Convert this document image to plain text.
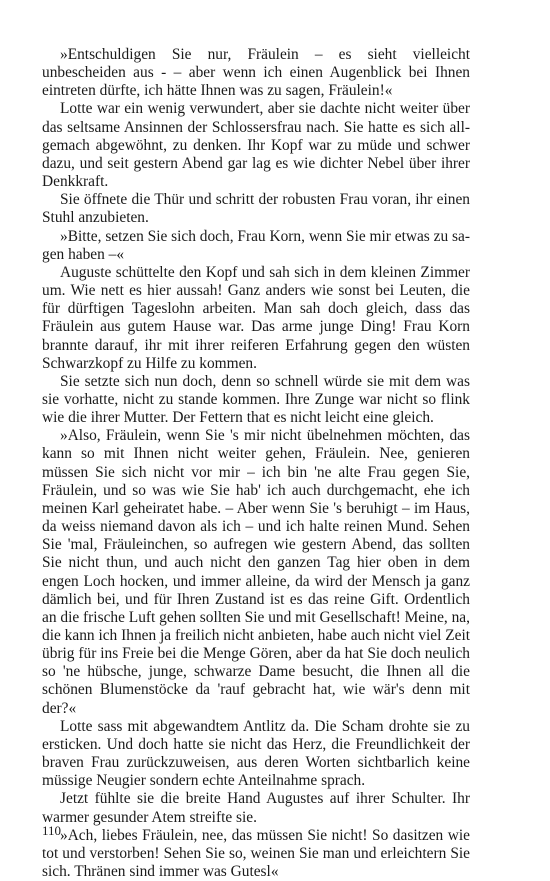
»Entschuldigen Sie nur, Fräulein – es sieht vielleicht unbescheiden aus - – aber wenn ich einen Augenblick bei Ihnen eintreten dürfte, ich hätte Ihnen was zu sagen, Fräulein!«

Lotte war ein wenig verwundert, aber sie dachte nicht weiter über das seltsame Ansinnen der Schlossersfrau nach. Sie hatte es sich allgemach abgewöhnt, zu denken. Ihr Kopf war zu müde und schwer dazu, und seit gestern Abend gar lag es wie dichter Nebel über ihrer Denkkraft.

Sie öffnete die Thür und schritt der robusten Frau voran, ihr einen Stuhl anzubieten.

»Bitte, setzen Sie sich doch, Frau Korn, wenn Sie mir etwas zu sagen haben –«

Auguste schüttelte den Kopf und sah sich in dem kleinen Zimmer um. Wie nett es hier aussah! Ganz anders wie sonst bei Leuten, die für dürftigen Tageslohn arbeiten. Man sah doch gleich, dass das Fräulein aus gutem Hause war. Das arme junge Ding! Frau Korn brannte darauf, ihr mit ihrer reiferen Erfahrung gegen den wüsten Schwarzkopf zu Hilfe zu kommen.

Sie setzte sich nun doch, denn so schnell würde sie mit dem was sie vorhatte, nicht zu stande kommen. Ihre Zunge war nicht so flink wie die ihrer Mutter. Der Fettern that es nicht leicht eine gleich.

»Also, Fräulein, wenn Sie 's mir nicht übelnehmen möchten, das kann so mit Ihnen nicht weiter gehen, Fräulein. Nee, genieren müssen Sie sich nicht vor mir – ich bin 'ne alte Frau gegen Sie, Fräulein, und so was wie Sie hab' ich auch durchgemacht, ehe ich meinen Karl geheiratet habe. – Aber wenn Sie 's beruhigt – im Haus, da weiss niemand davon als ich – und ich halte reinen Mund. Sehen Sie 'mal, Fräuleinchen, so aufregen wie gestern Abend, das sollten Sie nicht thun, und auch nicht den ganzen Tag hier oben in dem engen Loch hocken, und immer alleine, da wird der Mensch ja ganz dämlich bei, und für Ihren Zustand ist es das reine Gift. Ordentlich an die frische Luft gehen sollten Sie und mit Gesellschaft! Meine, na, die kann ich Ihnen ja freilich nicht anbieten, habe auch nicht viel Zeit übrig für ins Freie bei die Menge Gören, aber da hat Sie doch neulich so 'ne hübsche, junge, schwarze Dame besucht, die Ihnen all die schönen Blumenstöcke da 'rauf gebracht hat, wie wär's denn mit der?«

Lotte sass mit abgewandtem Antlitz da. Die Scham drohte sie zu ersticken. Und doch hatte sie nicht das Herz, die Freundlichkeit der braven Frau zurückzuweisen, aus deren Worten sichtbarlich keine müssige Neugier sondern echte Anteilnahme sprach.

Jetzt fühlte sie die breite Hand Augustes auf ihrer Schulter. Ihr warmer gesunder Atem streifte sie.

»Ach, liebes Fräulein, nee, das müssen Sie nicht! So dasitzen wie tot und verstorben! Sehen Sie so, weinen Sie man und erleichtern Sie sich. Thränen sind immer was Gutesl«

110
